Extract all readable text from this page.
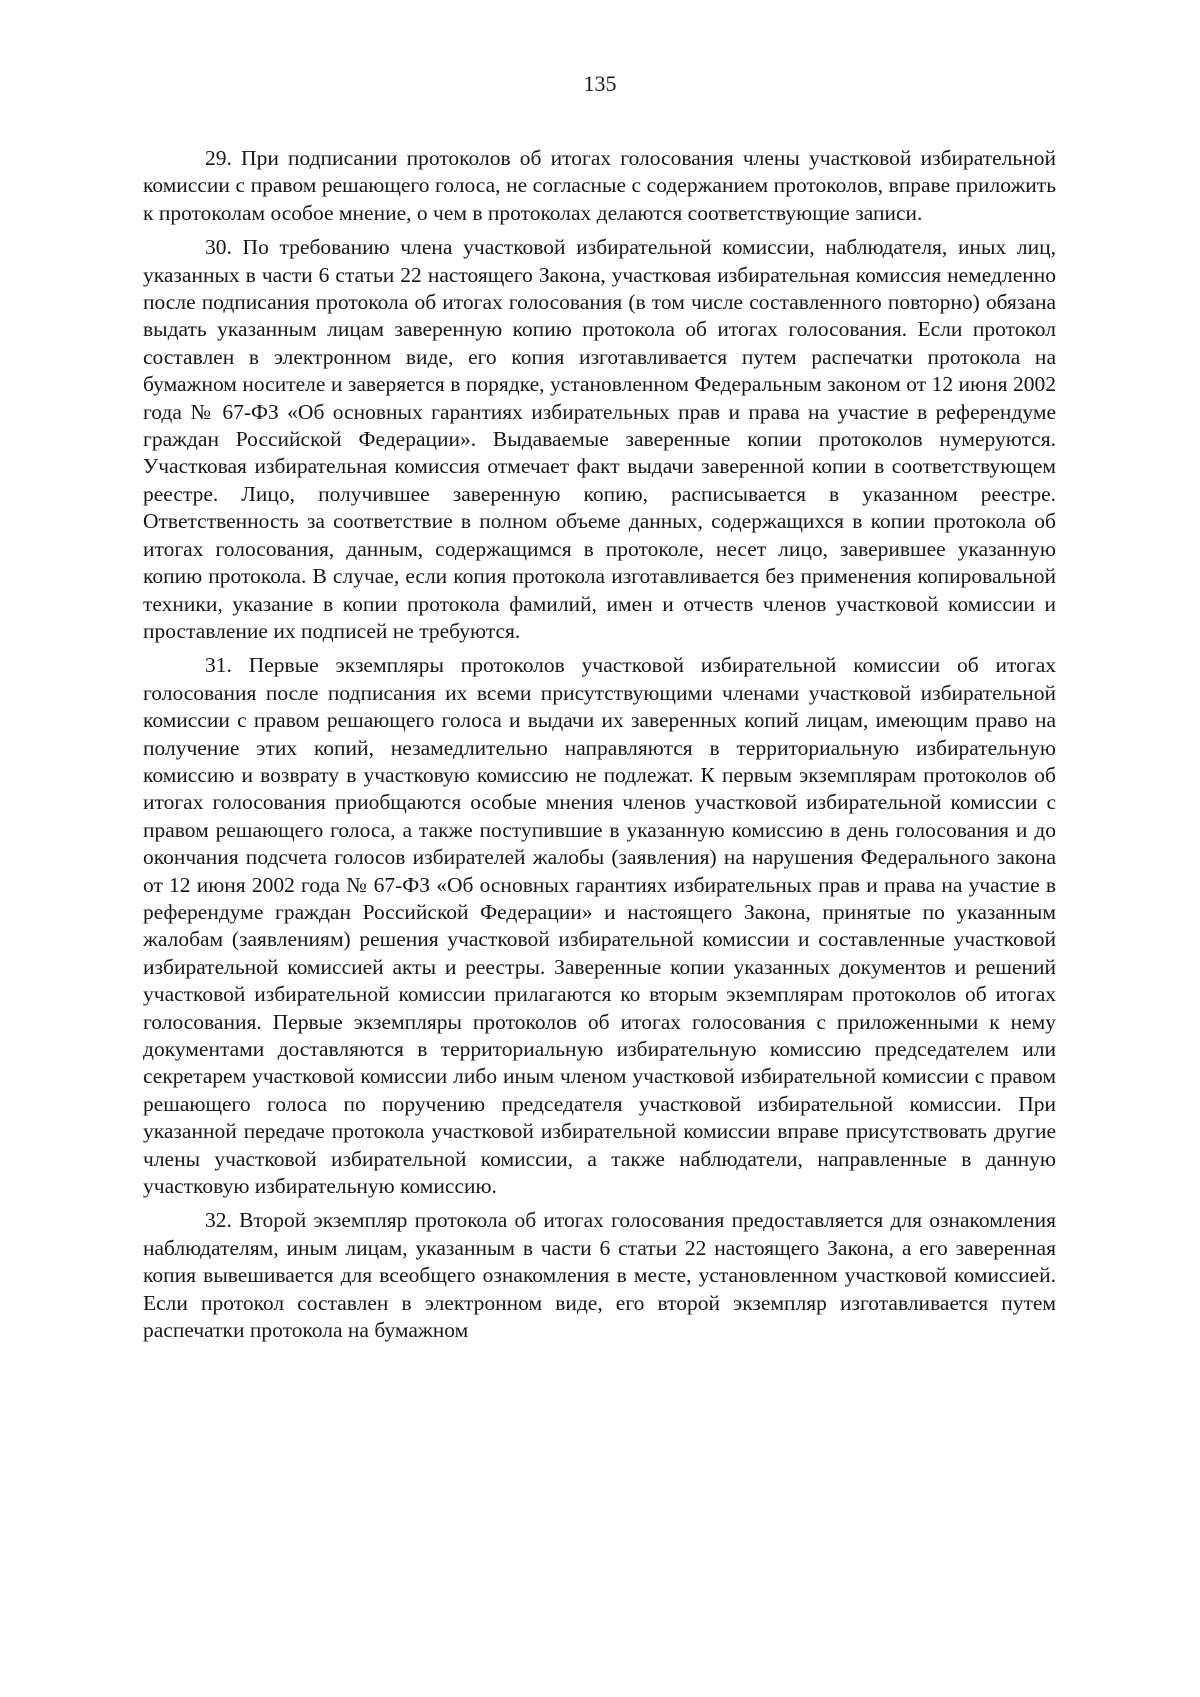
135

29. При подписании протоколов об итогах голосования члены участковой избирательной комиссии с правом решающего голоса, не согласные с содержанием протоколов, вправе приложить к протоколам особое мнение, о чем в протоколах делаются соответствующие записи.

30. По требованию члена участковой избирательной комиссии, наблюдателя, иных лиц, указанных в части 6 статьи 22 настоящего Закона, участковая избирательная комиссия немедленно после подписания протокола об итогах голосования (в том числе составленного повторно) обязана выдать указанным лицам заверенную копию протокола об итогах голосования. Если протокол составлен в электронном виде, его копия изготавливается путем распечатки протокола на бумажном носителе и заверяется в порядке, установленном Федеральным законом от 12 июня 2002 года № 67-ФЗ «Об основных гарантиях избирательных прав и права на участие в референдуме граждан Российской Федерации». Выдаваемые заверенные копии протоколов нумеруются. Участковая избирательная комиссия отмечает факт выдачи заверенной копии в соответствующем реестре. Лицо, получившее заверенную копию, расписывается в указанном реестре. Ответственность за соответствие в полном объеме данных, содержащихся в копии протокола об итогах голосования, данным, содержащимся в протоколе, несет лицо, заверившее указанную копию протокола. В случае, если копия протокола изготавливается без применения копировальной техники, указание в копии протокола фамилий, имен и отчеств членов участковой комиссии и проставление их подписей не требуются.

31. Первые экземпляры протоколов участковой избирательной комиссии об итогах голосования после подписания их всеми присутствующими членами участковой избирательной комиссии с правом решающего голоса и выдачи их заверенных копий лицам, имеющим право на получение этих копий, незамедлительно направляются в территориальную избирательную комиссию и возврату в участковую комиссию не подлежат. К первым экземплярам протоколов об итогах голосования приобщаются особые мнения членов участковой избирательной комиссии с правом решающего голоса, а также поступившие в указанную комиссию в день голосования и до окончания подсчета голосов избирателей жалобы (заявления) на нарушения Федерального закона от 12 июня 2002 года № 67-ФЗ «Об основных гарантиях избирательных прав и права на участие в референдуме граждан Российской Федерации» и настоящего Закона, принятые по указанным жалобам (заявлениям) решения участковой избирательной комиссии и составленные участковой избирательной комиссией акты и реестры. Заверенные копии указанных документов и решений участковой избирательной комиссии прилагаются ко вторым экземплярам протоколов об итогах голосования. Первые экземпляры протоколов об итогах голосования с приложенными к нему документами доставляются в территориальную избирательную комиссию председателем или секретарем участковой комиссии либо иным членом участковой избирательной комиссии с правом решающего голоса по поручению председателя участковой избирательной комиссии. При указанной передаче протокола участковой избирательной комиссии вправе присутствовать другие члены участковой избирательной комиссии, а также наблюдатели, направленные в данную участковую избирательную комиссию.

32. Второй экземпляр протокола об итогах голосования предоставляется для ознакомления наблюдателям, иным лицам, указанным в части 6 статьи 22 настоящего Закона, а его заверенная копия вывешивается для всеобщего ознакомления в месте, установленном участковой комиссией. Если протокол составлен в электронном виде, его второй экземпляр изготавливается путем распечатки протокола на бумажном
